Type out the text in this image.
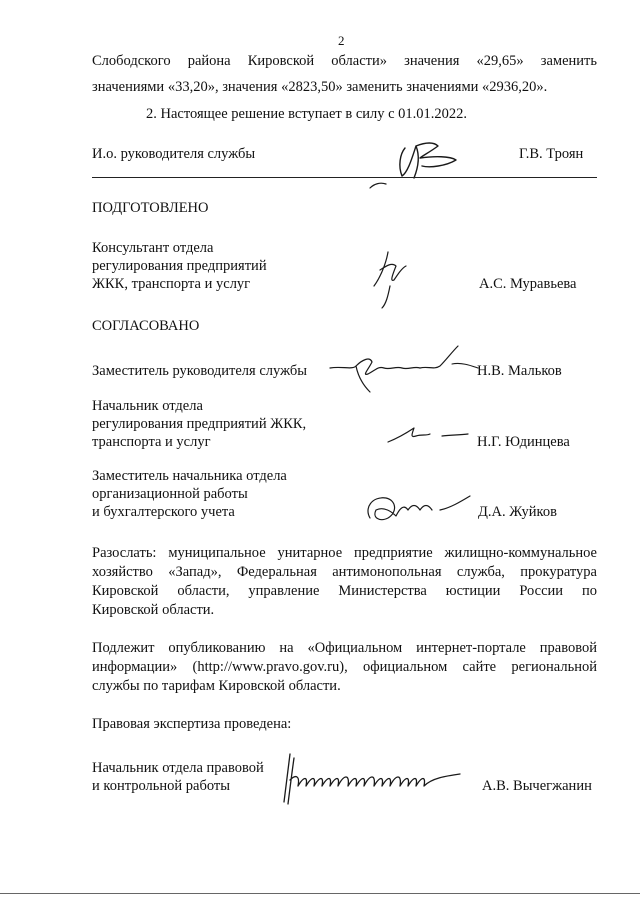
2
Слободского района Кировской области» значения «29,65» заменить
значениями «33,20», значения «2823,50» заменить значениями «2936,20».
2. Настоящее решение вступает в силу с 01.01.2022.
И.о. руководителя службы	Г.В. Троян
ПОДГОТОВЛЕНО
Консультант отдела
регулирования предприятий
ЖКК, транспорта и услуг	А.С. Муравьева
СОГЛАСОВАНО
Заместитель руководителя службы	Н.В. Мальков
Начальник отдела
регулирования предприятий ЖКК,
транспорта и услуг	Н.Г. Юдинцева
Заместитель начальника отдела
организационной работы
и бухгалтерского учета	Д.А. Жуйков
Разослать: муниципальное унитарное предприятие жилищно-коммунальное
хозяйство «Запад», Федеральная антимонопольная служба, прокуратура
Кировской области, управление Министерства юстиции России по
Кировской области.
Подлежит опубликованию на «Официальном интернет-портале правовой
информации» (http://www.pravo.gov.ru), официальном сайте региональной
службы по тарифам Кировской области.
Правовая экспертиза проведена:
Начальник отдела правовой
и контрольной работы	А.В. Вычегжанин
